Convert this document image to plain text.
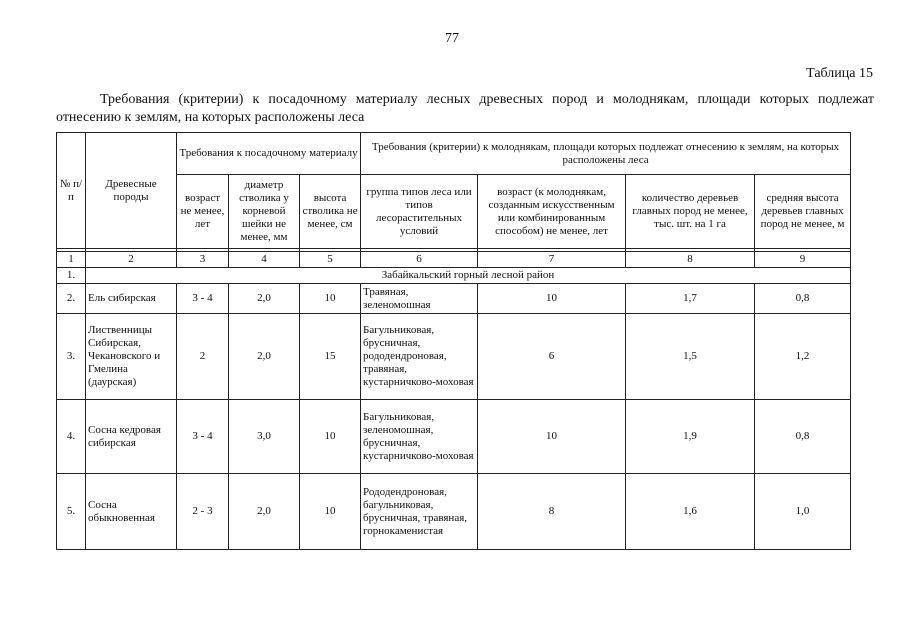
77
Таблица 15
Требования (критерии) к посадочному материалу лесных древесных пород и молоднякам, площади которых подлежат отнесению к землям, на которых расположены леса
№ п/п	Древесные породы	Требования к посадочному материалу			Требования (критерии) к молоднякам, площади которых подлежат отнесению к землям, на которых расположены леса			
		возраст не менее, лет	диаметр стволика у корневой шейки не менее, мм	высота стволика не менее, см	группа типов леса или типов лесорастительных условий	возраст (к молоднякам, созданным искусственным или комбинированным способом) не менее, лет	количество деревьев главных пород не менее, тыс. шт. на 1 га	средняя высота деревьев главных пород не менее, м

1	2	3	4	5	6	7	8	9
1.	Забайкальский горный лесной район							
2.	Ель сибирская	3 - 4	2,0	10	Травяная, зеленомошная	10	1,7	0,8
3.	Лиственницы Сибирская, Чекановского и Гмелина (даурская)	2	2,0	15	Багульниковая, брусничная, рододендроновая, травяная, кустарничково-моховая	6	1,5	1,2
4.	Сосна кедровая сибирская	3 - 4	3,0	10	Багульниковая, зеленомошная, брусничная, кустарничково-моховая	10	1,9	0,8
5.	Сосна обыкновенная	2 - 3	2,0	10	Рододендроновая, багульниковая, брусничная, травяная, горнокаменистая	8	1,6	1,0
